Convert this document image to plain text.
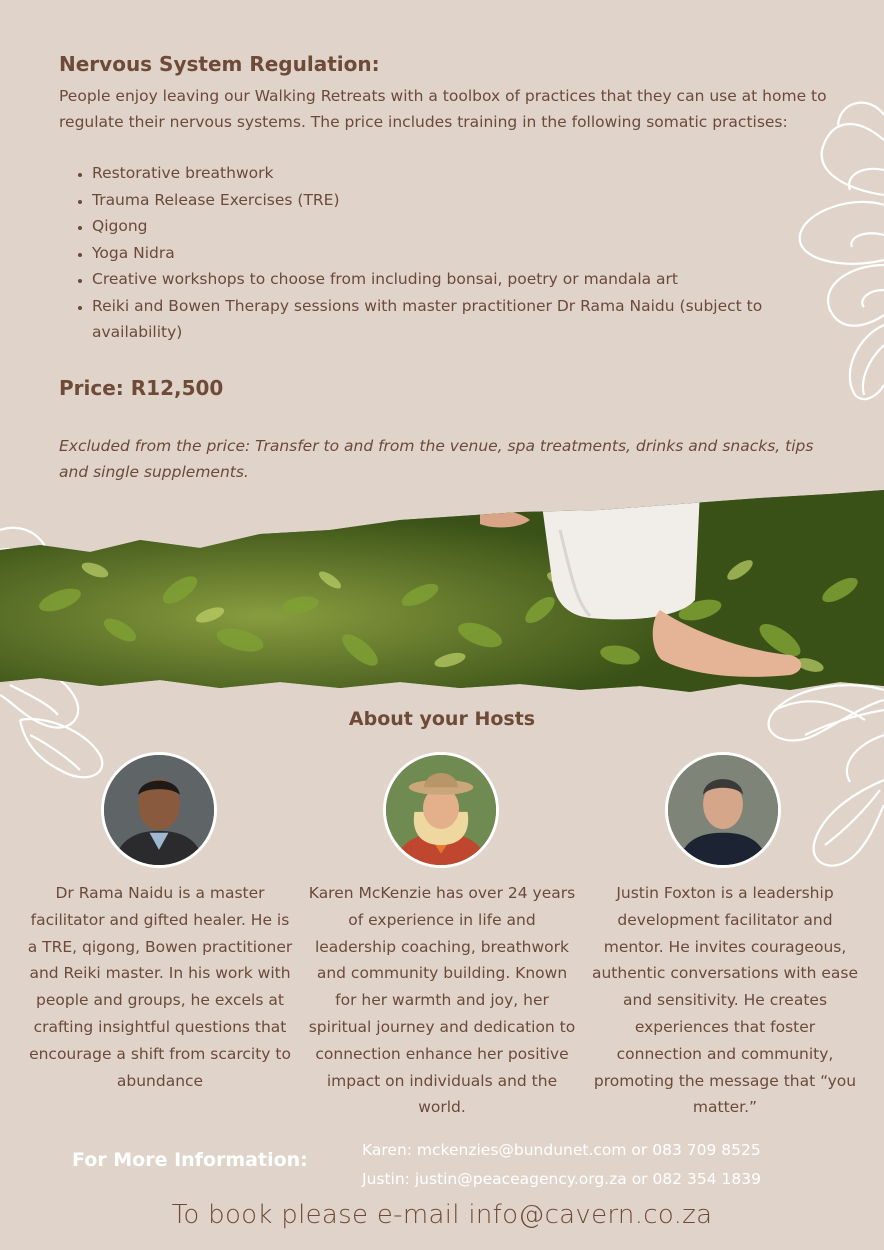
Nervous System Regulation:

People enjoy leaving our Walking Retreats with a toolbox of practices that they can use at home to regulate their nervous systems. The price includes training in the following somatic practises:

• Restorative breathwork
• Trauma Release Exercises (TRE)
• Qigong
• Yoga Nidra
• Creative workshops to choose from including bonsai, poetry or mandala art
• Reiki and Bowen Therapy sessions with master practitioner Dr Rama Naidu (subject to availability)
Price: R12,500

Excluded from the price: Transfer to and from the venue, spa treatments, drinks and snacks, tips and single supplements.

About your Hosts

Dr Rama Naidu is a master facilitator and gifted healer. He is a TRE, qigong, Bowen practitioner and Reiki master. In his work with people and groups, he excels at crafting insightful questions that encourage a shift from scarcity to abundance

Karen McKenzie has over 24 years of experience in life and leadership coaching, breathwork and community building. Known for her warmth and joy, her spiritual journey and dedication to connection enhance her positive impact on individuals and the world.

Justin Foxton is a leadership development facilitator and mentor. He invites courageous, authentic conversations with ease and sensitivity. He creates experiences that foster connection and community, promoting the message that “you matter.”

For More Information:	Karen: mckenzies@bundunet.com or 083 709 8525

Justin: justin@peaceagency.org.za or 082 354 1839

To book please e-mail info@cavern.co.za
